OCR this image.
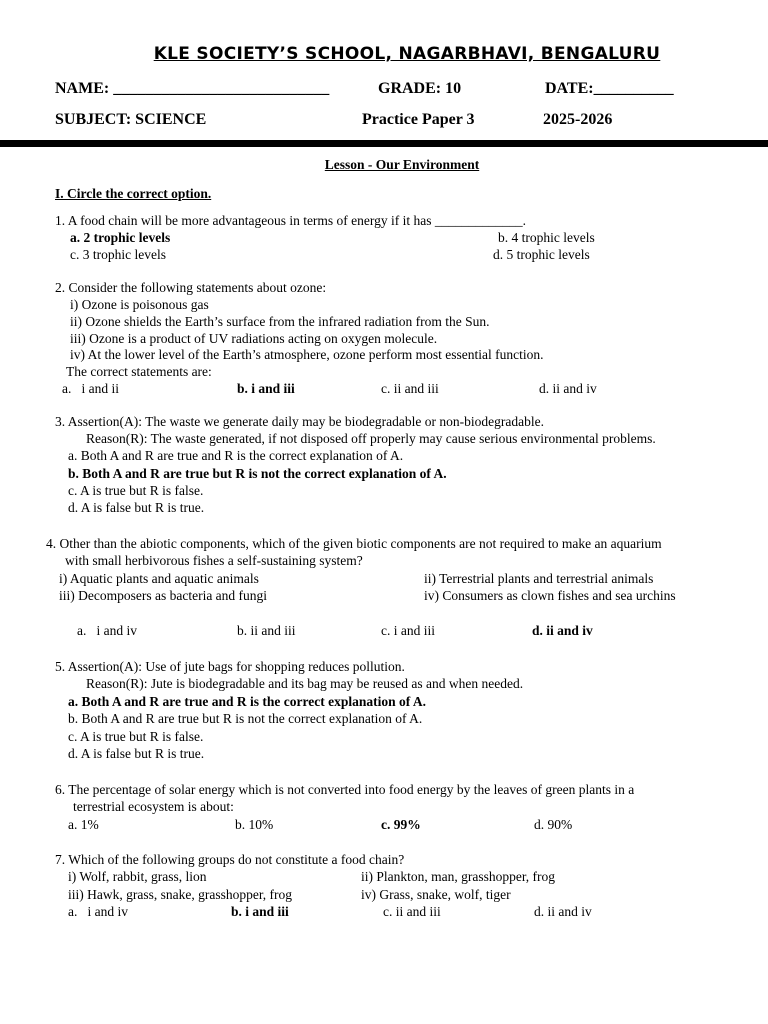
KLE SOCIETY’S SCHOOL, NAGARBHAVI, BENGALURU
NAME: ___________________________	GRADE: 10	DATE:__________
SUBJECT: SCIENCE	Practice Paper 3	2025-2026
Lesson - Our Environment
I. Circle the correct option.
1. A food chain will be more advantageous in terms of energy if it has _____________.
a. 2 trophic levels	b. 4 trophic levels
c. 3 trophic levels	d. 5 trophic levels
2. Consider the following statements about ozone:
i) Ozone is poisonous gas
ii) Ozone shields the Earth’s surface from the infrared radiation from the Sun.
iii) Ozone is a product of UV radiations acting on oxygen molecule.
iv) At the lower level of the Earth’s atmosphere, ozone perform most essential function.
The correct statements are:
a.   i and ii	b. i and iii	c. ii and iii	d. ii and iv
3. Assertion(A): The waste we generate daily may be biodegradable or non-biodegradable.
Reason(R): The waste generated, if not disposed off properly may cause serious environmental problems.
a. Both A and R are true and R is the correct explanation of A.
b. Both A and R are true but R is not the correct explanation of A.
c. A is true but R is false.
d. A is false but R is true.
4. Other than the abiotic components, which of the given biotic components are not required to make an aquarium
with small herbivorous fishes a self-sustaining system?
i) Aquatic plants and aquatic animals	ii) Terrestrial plants and terrestrial animals
iii) Decomposers as bacteria and fungi	iv) Consumers as clown fishes and sea urchins
a.   i and iv	b. ii and iii	c. i and iii	d. ii and iv
5. Assertion(A): Use of jute bags for shopping reduces pollution.
Reason(R): Jute is biodegradable and its bag may be reused as and when needed.
a. Both A and R are true and R is the correct explanation of A.
b. Both A and R are true but R is not the correct explanation of A.
c. A is true but R is false.
d. A is false but R is true.
6. The percentage of solar energy which is not converted into food energy by the leaves of green plants in a
terrestrial ecosystem is about:
a. 1%	b. 10%	c. 99%	d. 90%
7. Which of the following groups do not constitute a food chain?
i) Wolf, rabbit, grass, lion	ii) Plankton, man, grasshopper, frog
iii) Hawk, grass, snake, grasshopper, frog	iv) Grass, snake, wolf, tiger
a.   i and iv	b. i and iii	c. ii and iii	d. ii and iv
